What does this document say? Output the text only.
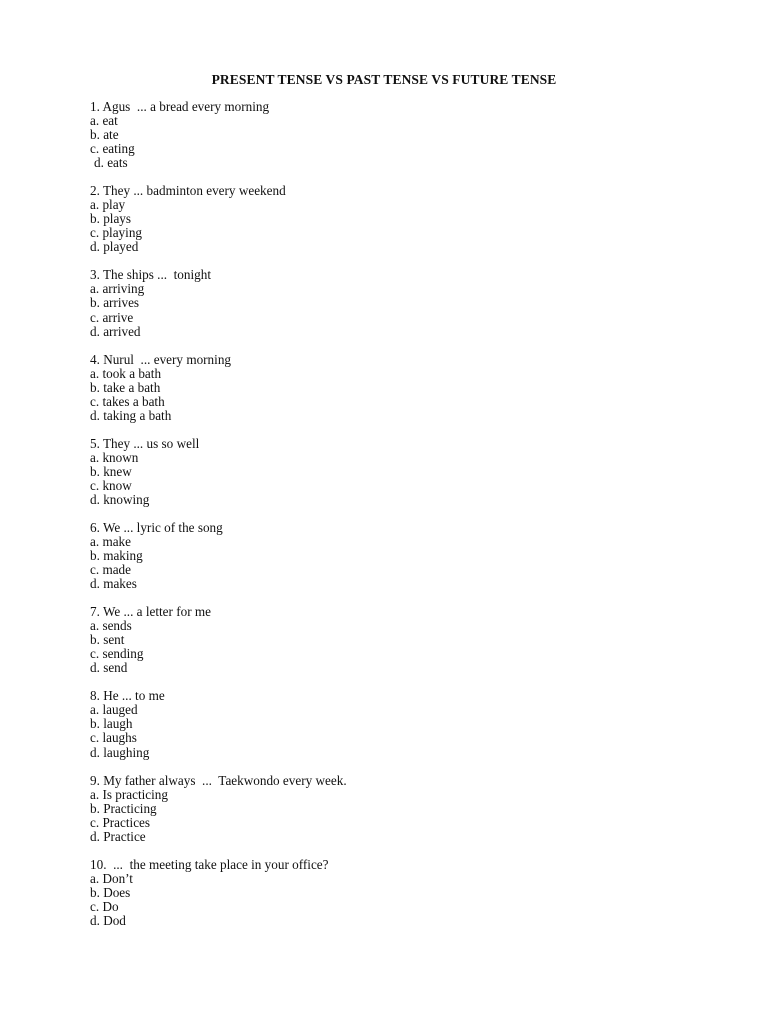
PRESENT TENSE VS PAST TENSE VS FUTURE TENSE
1. Agus  ... a bread every morning
a. eat
b. ate
c. eating
d. eats
2. They ... badminton every weekend
a. play
b. plays
c. playing
d. played
3. The ships ...  tonight
a. arriving
b. arrives
c. arrive
d. arrived
4. Nurul  ... every morning
a. took a bath
b. take a bath
c. takes a bath
d. taking a bath
5. They ... us so well
a. known
b. knew
c. know
d. knowing
6. We ... lyric of the song
a. make
b. making
c. made
d. makes
7. We ... a letter for me
a. sends
b. sent
c. sending
d. send
8. He ... to me
a. lauged
b. laugh
c. laughs
d. laughing
9. My father always  ...  Taekwondo every week.
a. Is practicing
b. Practicing
c. Practices
d. Practice
10.  ...  the meeting take place in your office?
a. Don’t
b. Does
c. Do
d. Dod
